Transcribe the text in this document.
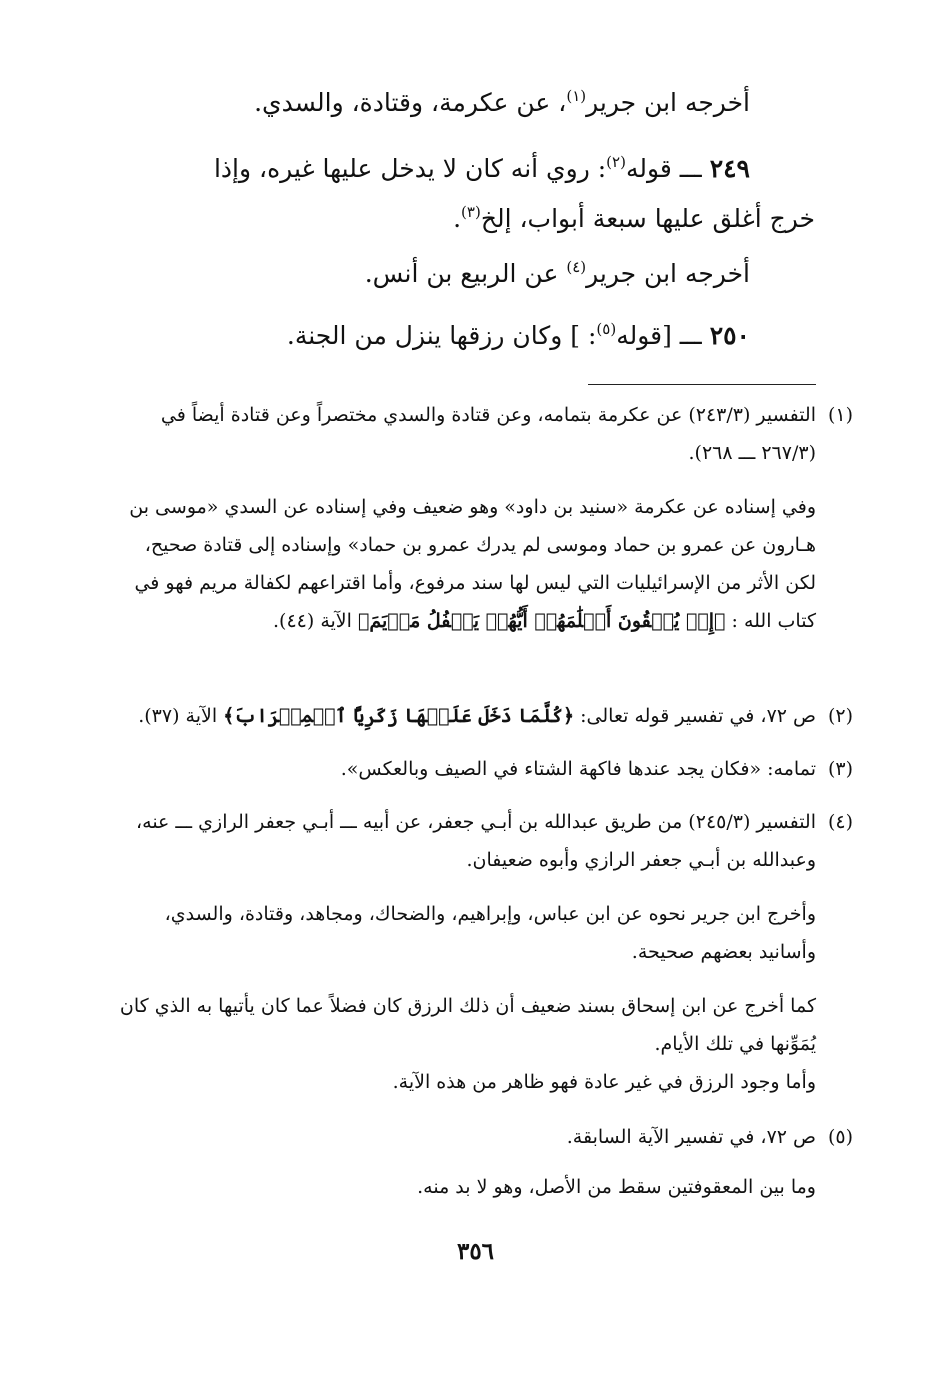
أخرجه ابن جرير$^{(١)}$، عن عكرمة، وقتادة، والسدي.

٢٤٩ ـــ قوله$^{(٢)}$: روي أنه كان لا يدخل عليها غيره، وإذا

خرج أغلق عليها سبعة أبواب، إلخ$^{(٣)}$.

أخرجه ابن جرير$^{(٤)}$ عن الربيع بن أنس.

٢٥٠ ـــ [قوله$^{(٥)}$: ] وكان رزقها ينزل من الجنة.

(١)
التفسير (٢٤٣/٣) عن عكرمة بتمامه، وعن قتادة والسدي مختصراً وعن قتادة أيضاً في (٢٦٧/٣ ـــ ٢٦٨).
وفي إسناده عن عكرمة «سنيد بن داود» وهو ضعيف وفي إسناده عن السدي «موسى بن هـارون عن عمرو بن حماد وموسى لم يدرك عمرو بن حماد» وإسناده إلى قتادة صحيح، لكن الأثر من الإسرائيليات التي ليس لها سند مرفوع، وأما اقتراعهم لكفالة مريم فهو في كتاب الله : ﴿إِذۡ يُلۡقُونَ أَقۡلَٰمَهُمۡ أَيُّهُمۡ يَكۡفُلُ مَرۡيَمَ﴾ الآية (٤٤).
(٢)
ص ٧٢، في تفسير قوله تعالى: ﴿كُلَّمَا دَخَلَ عَلَيۡهَا زَكَرِيَّا ٱلۡمِحۡرَابَ﴾ الآية (٣٧).
(٣)
تمامه: «فكان يجد عندها فاكهة الشتاء في الصيف وبالعكس».
(٤)
التفسير (٢٤٥/٣) من طريق عبدالله بن أبـي جعفر، عن أبيه ـــ أبـي جعفر الرازي ـــ عنه، وعبدالله بن أبـي جعفر الرازي وأبوه ضعيفان.
وأخرج ابن جرير نحوه عن ابن عباس، وإبراهيم، والضحاك، ومجاهد، وقتادة، والسدي، وأسانيد بعضهم صحيحة.
كما أخرج عن ابن إسحاق بسند ضعيف أن ذلك الرزق كان فضلاً عما كان يأتيها به الذي كان يُمَوِّنها في تلك الأيام.
وأما وجود الرزق في غير عادة فهو ظاهر من هذه الآية.
(٥)
ص ٧٢، في تفسير الآية السابقة.
وما بين المعقوفتين سقط من الأصل، وهو لا بد منه.
٣٥٦
